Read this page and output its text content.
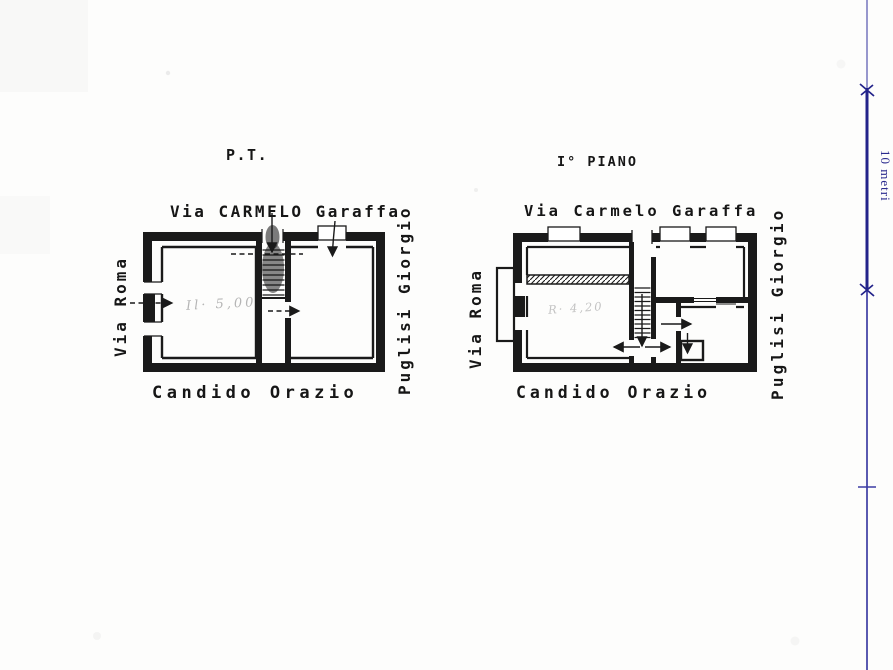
P.T.
Via CARMELO Garaffa
Via Roma	Puglisi Giorgio
Candido Orazio
Il· 5,00
I° PIANO
Via Carmelo Garaffa
Via Roma	Puglisi Giorgio
Candido Orazio
R· 4,20
10 metri
